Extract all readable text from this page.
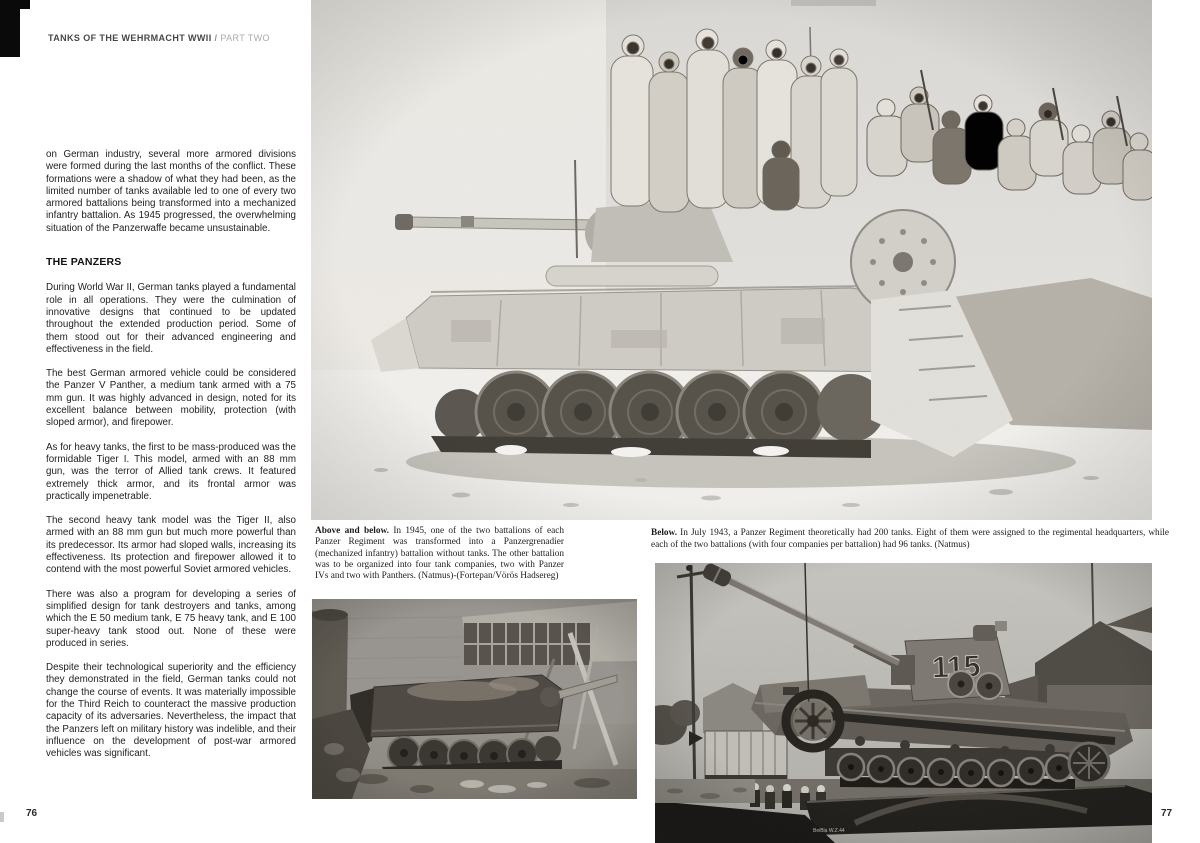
TANKS OF THE WEHRMACHT WWII / PART TWO

on German industry, several more armored divisions were formed during the last months of the conflict. These formations were a shadow of what they had been, as the limited number of tanks available led to one of every two armored battalions being transformed into a mechanized infantry battalion. As 1945 progressed, the overwhelming situation of the Panzerwaffe became unsustainable.

THE PANZERS

During World War II, German tanks played a fundamental role in all operations. They were the culmination of innovative designs that continued to be updated throughout the extended production period. Some of them stood out for their advanced engineering and effectiveness in the field.

The best German armored vehicle could be considered the Panzer V Panther, a medium tank armed with a 75 mm gun. It was highly advanced in design, noted for its excellent balance between mobility, protection (with sloped armor), and firepower.

As for heavy tanks, the first to be mass-produced was the formidable Tiger I. This model, armed with an 88 mm gun, was the terror of Allied tank crews. It featured extremely thick armor, and its frontal armor was practically impenetrable.

The second heavy tank model was the Tiger II, also armed with an 88 mm gun but much more powerful than its predecessor. Its armor had sloped walls, increasing its effectiveness. Its protection and firepower allowed it to contend with the most powerful Soviet armored vehicles.

There was also a program for developing a series of simplified design for tank destroyers and tanks, among which the E 50 medium tank, E 75 heavy tank, and E 100 super-heavy tank stood out. None of these were produced in series.

Despite their technological superiority and the efficiency they demonstrated in the field, German tanks could not change the course of events. It was materially impossible for the Third Reich to counteract the massive production capacity of its adversaries. Nevertheless, the impact that the Panzers left on military history was indelible, and their influence on the development of post-war armored vehicles was significant.

Above and below. In 1945, one of the two battalions of each Panzer Regiment was transformed into a Panzergrenadier (mechanized infantry) battalion without tanks. The other battalion was to be organized into four tank companies, two with Panzer IVs and two with Panthers. (Natmus)-(Fortepan/Vörös Hadsereg)
Below. In July 1943, a Panzer Regiment theoretically had 200 tanks. Eight of them were assigned to the regimental headquarters, while each of the two battalions (with four companies per battalion) had 96 tanks. (Natmus)
76	77
